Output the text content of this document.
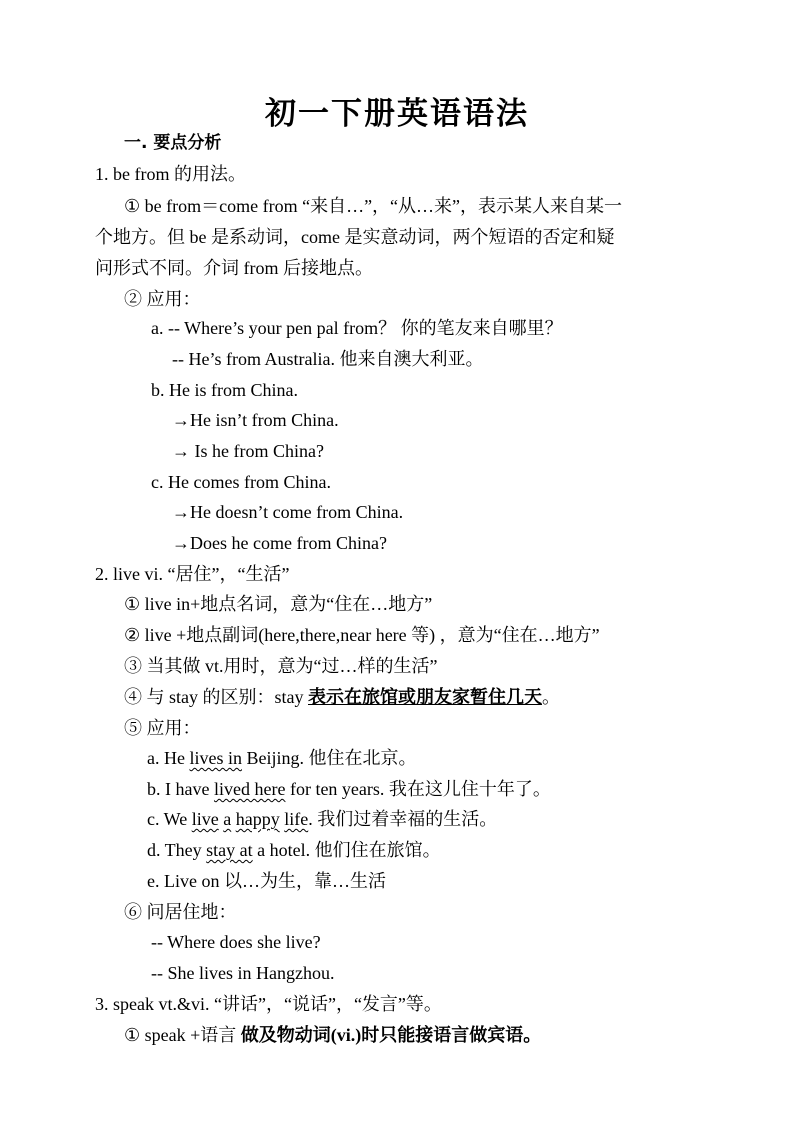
初一下册英语语法
一. 要点分析
1. be from 的用法。
① be from＝come from “来自…”，“从…来”，表示某人来自某一
个地方。但 be 是系动词，come 是实意动词，两个短语的否定和疑
问形式不同。介词 from 后接地点。
② 应用：
a. -- Where’s your pen pal from？ 你的笔友来自哪里？
-- He’s from Australia. 他来自澳大利亚。
b. He is from China.
→He isn’t from China.
→ Is he from China?
c. He comes from China.
→He doesn’t come from China.
→Does he come from China?
2. live vi. “居住”，“生活”
① live in+地点名词，意为“住在…地方”
② live +地点副词(here,there,near here 等) ，意为“住在…地方”
③ 当其做 vt.用时，意为“过…样的生活”
④ 与 stay 的区别：stay 表示在旅馆或朋友家暂住几天。
⑤ 应用：
a. He lives in Beijing. 他住在北京。
b. I have lived here for ten years. 我在这儿住十年了。
c. We live a happy life. 我们过着幸福的生活。
d. They stay at a hotel. 他们住在旅馆。
e. Live on 以…为生，靠…生活
⑥ 问居住地：
-- Where does she live?
-- She lives in Hangzhou.
3. speak vt.&vi. “讲话”，“说话”，“发言”等。
① speak +语言 做及物动词(vi.)时只能接语言做宾语。
